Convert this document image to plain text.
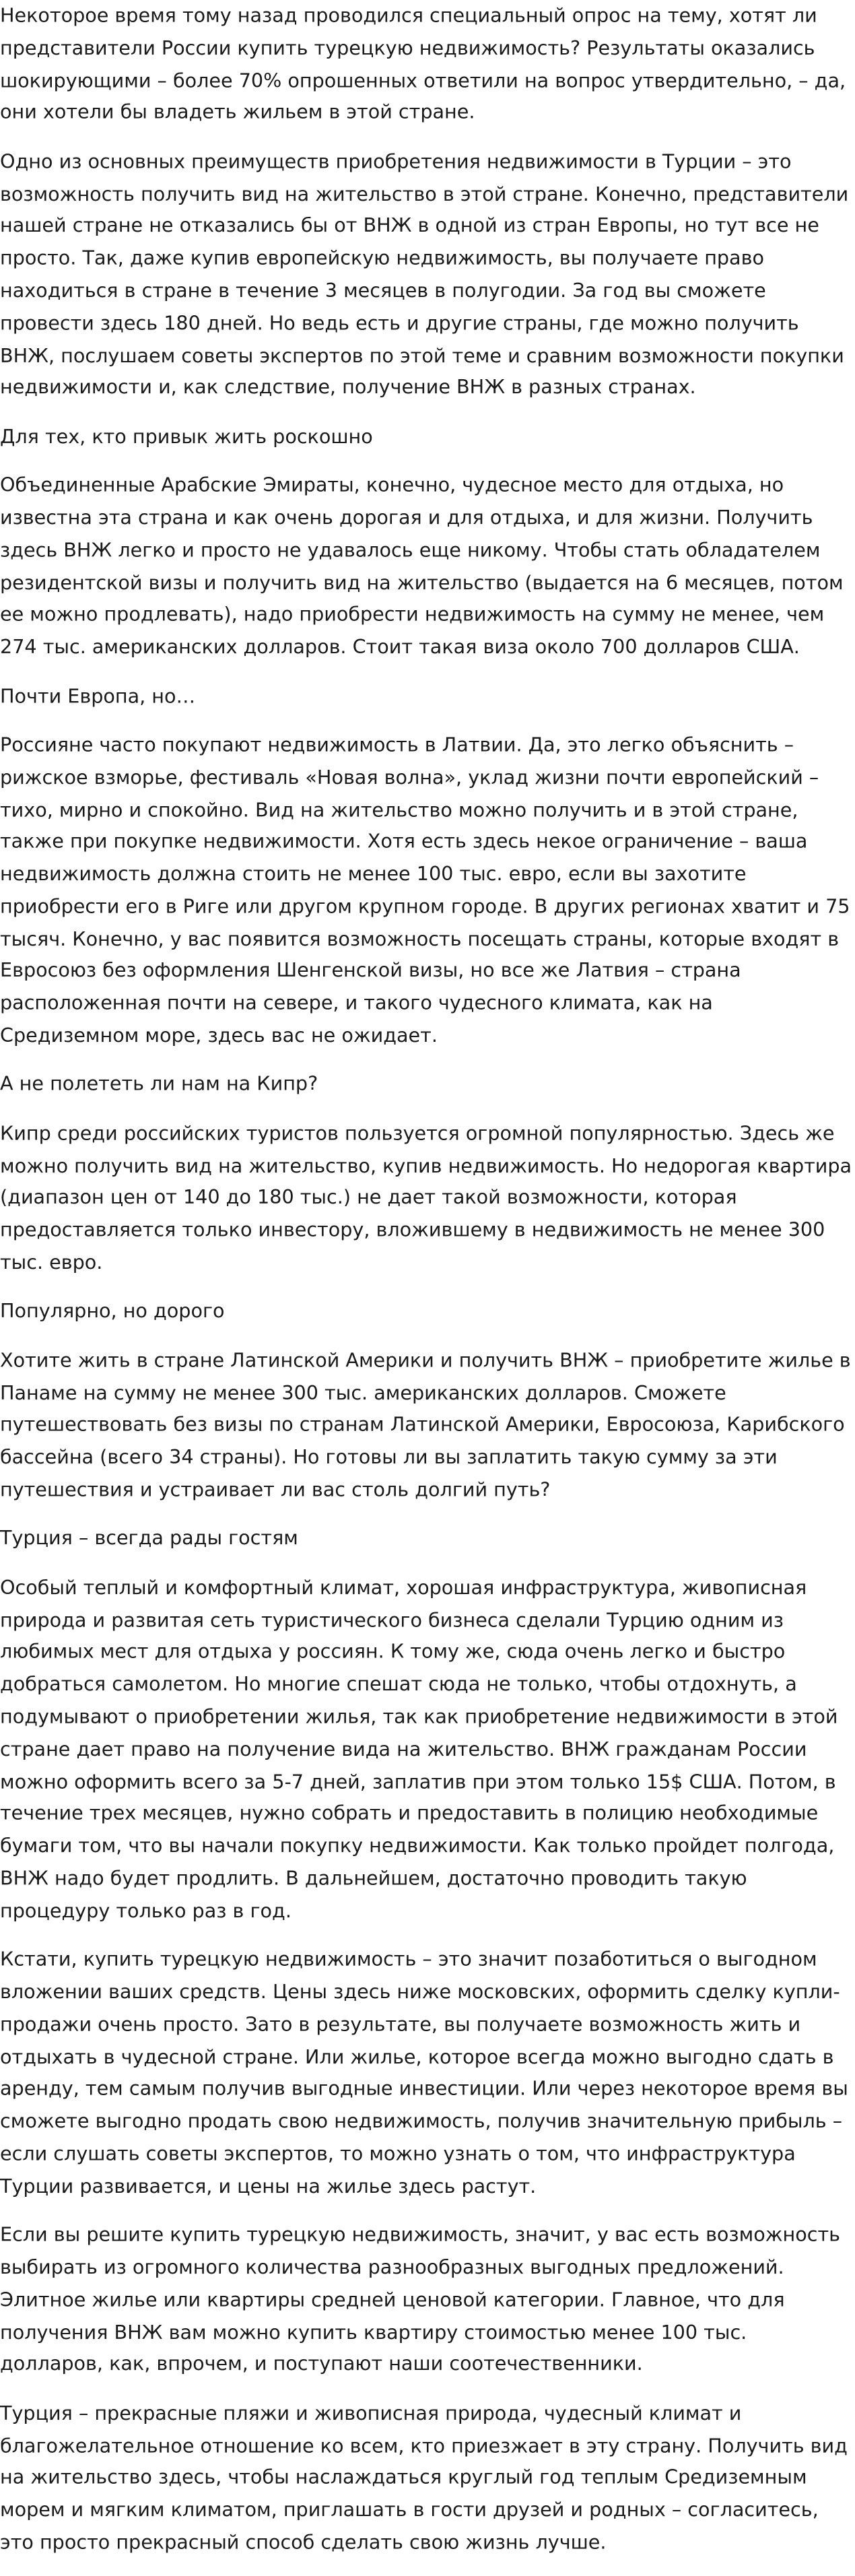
Некоторое время тому назад проводился специальный опрос на тему, хотят ли представители России купить турецкую недвижимость? Результаты оказались шокирующими – более 70% опрошенных ответили на вопрос утвердительно, – да, они хотели бы владеть жильем в этой стране.

Одно из основных преимуществ приобретения недвижимости в Турции – это возможность получить вид на жительство в этой стране. Конечно, представители нашей стране не отказались бы от ВНЖ в одной из стран Европы, но тут все не просто. Так, даже купив европейскую недвижимость, вы получаете право находиться в стране в течение 3 месяцев в полугодии. За год вы сможете провести здесь 180 дней. Но ведь есть и другие страны, где можно получить ВНЖ, послушаем советы экспертов по этой теме и сравним возможности покупки недвижимости и, как следствие, получение ВНЖ в разных странах.

Для тех, кто привык жить роскошно

Объединенные Арабские Эмираты, конечно, чудесное место для отдыха, но известна эта страна и как очень дорогая и для отдыха, и для жизни. Получить здесь ВНЖ легко и просто не удавалось еще никому. Чтобы стать обладателем резидентской визы и получить вид на жительство (выдается на 6 месяцев, потом ее можно продлевать), надо приобрести недвижимость на сумму не менее, чем 274 тыс. американских долларов. Стоит такая виза около 700 долларов США.

Почти Европа, но…

Россияне часто покупают недвижимость в Латвии. Да, это легко объяснить – рижское взморье, фестиваль «Новая волна», уклад жизни почти европейский –тихо, мирно и спокойно. Вид на жительство можно получить и в этой стране, также при покупке недвижимости. Хотя есть здесь некое ограничение – ваша недвижимость должна стоить не менее 100 тыс. евро, если вы захотите приобрести его в Риге или другом крупном городе. В других регионах хватит и 75 тысяч. Конечно, у вас появится возможность посещать страны, которые входят в Евросоюз без оформления Шенгенской визы, но все же Латвия – страна расположенная почти на севере, и такого чудесного климата, как на Средиземном море, здесь вас не ожидает.

А не полететь ли нам на Кипр?

Кипр среди российских туристов пользуется огромной популярностью. Здесь же можно получить вид на жительство, купив недвижимость. Но недорогая квартира (диапазон цен от 140 до 180 тыс.) не дает такой возможности, которая предоставляется только инвестору, вложившему в недвижимость не менее 300 тыс. евро.

Популярно, но дорого

Хотите жить в стране Латинской Америки и получить ВНЖ – приобретите жилье в Панаме на сумму не менее 300 тыс. американских долларов. Сможете путешествовать без визы по странам Латинской Америки, Евросоюза, Карибского бассейна (всего 34 страны). Но готовы ли вы заплатить такую сумму за эти путешествия и устраивает ли вас столь долгий путь?

Турция – всегда рады гостям

Особый теплый и комфортный климат, хорошая инфраструктура, живописная природа и развитая сеть туристического бизнеса сделали Турцию одним из любимых мест для отдыха у россиян. К тому же, сюда очень легко и быстро добраться самолетом. Но многие спешат сюда не только, чтобы отдохнуть, а подумывают о приобретении жилья, так как приобретение недвижимости в этой стране дает право на получение вида на жительство. ВНЖ гражданам России можно оформить всего за 5-7 дней, заплатив при этом только 15$ США. Потом, в течение трех месяцев, нужно собрать и предоставить в полицию необходимые бумаги том, что вы начали покупку недвижимости. Как только пройдет полгода, ВНЖ надо будет продлить. В дальнейшем, достаточно проводить такую процедуру только раз в год.

Кстати, купить турецкую недвижимость – это значит позаботиться о выгодном вложении ваших средств. Цены здесь ниже московских, оформить сделку купли-продажи очень просто. Зато в результате, вы получаете возможность жить и отдыхать в чудесной стране. Или жилье, которое всегда можно выгодно сдать в аренду, тем самым получив выгодные инвестиции. Или через некоторое время вы сможете выгодно продать свою недвижимость, получив значительную прибыль – если слушать советы экспертов, то можно узнать о том, что инфраструктура Турции развивается, и цены на жилье здесь растут.

Если вы решите купить турецкую недвижимость, значит, у вас есть возможность выбирать из огромного количества разнообразных выгодных предложений. Элитное жилье или квартиры средней ценовой категории. Главное, что для получения ВНЖ вам можно купить квартиру стоимостью менее 100 тыс. долларов, как, впрочем, и поступают наши соотечественники.

Турция – прекрасные пляжи и живописная природа, чудесный климат и благожелательное отношение ко всем, кто приезжает в эту страну. Получить вид на жительство здесь, чтобы наслаждаться круглый год теплым Средиземным морем и мягким климатом, приглашать в гости друзей и родных – согласитесь, это просто прекрасный способ сделать свою жизнь лучше.
